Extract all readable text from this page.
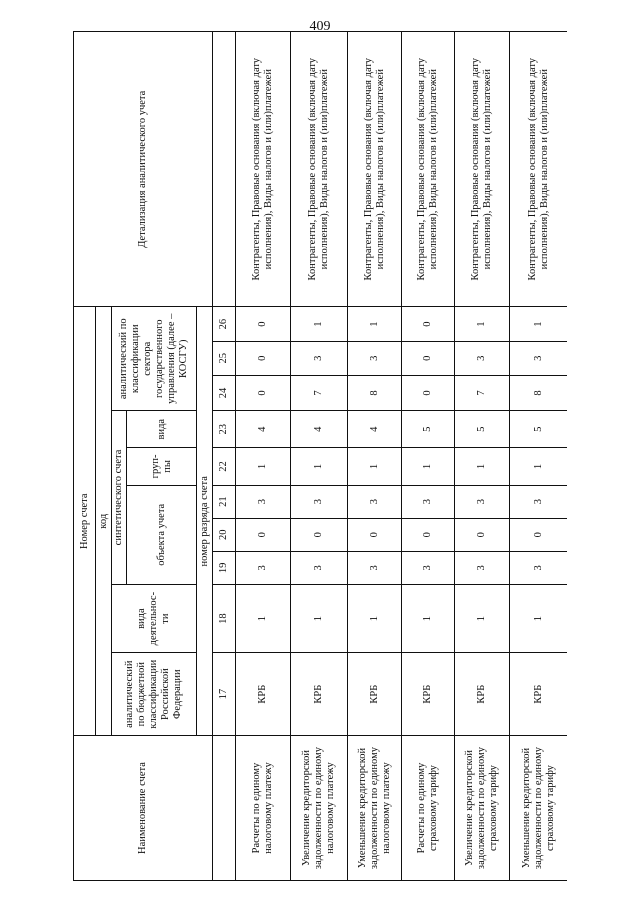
409
Наименование счета	Номер счета										Детализация аналитического учета
	код										
	аналитический по бюджетной классификации Российской Федерации	вида деятельнос-ти	синтетического счета					аналитический по классификации сектора государственного управления (далее – КОСГУ)			
			объекта учета			груп-пы	вида				
	номер разряда счета										
	17	18	19	20	21	22	23	24	25	26	
Расчеты по единому налоговому платежу	КРБ	1	3	0	3	1	4	0	0	0	Контрагенты, Правовые основания (включая дату исполнения), Виды налогов и (или)платежей
Увеличение кредиторской задолженности по единому налоговому платежу	КРБ	1	3	0	3	1	4	7	3	1	Контрагенты, Правовые основания (включая дату исполнения), Виды налогов и (или)платежей
Уменьшение кредиторской задолженности по единому налоговому платежу	КРБ	1	3	0	3	1	4	8	3	1	Контрагенты, Правовые основания (включая дату исполнения), Виды налогов и (или)платежей
Расчеты по единому страховому тарифу	КРБ	1	3	0	3	1	5	0	0	0	Контрагенты, Правовые основания (включая дату исполнения), Виды налогов и (или)платежей
Увеличение кредиторской задолженности по единому страховому тарифу	КРБ	1	3	0	3	1	5	7	3	1	Контрагенты, Правовые основания (включая дату исполнения), Виды налогов и (или)платежей
Уменьшение кредиторской задолженности по единому страховому тарифу	КРБ	1	3	0	3	1	5	8	3	1	Контрагенты, Правовые основания (включая дату исполнения), Виды налогов и (или)платежей
